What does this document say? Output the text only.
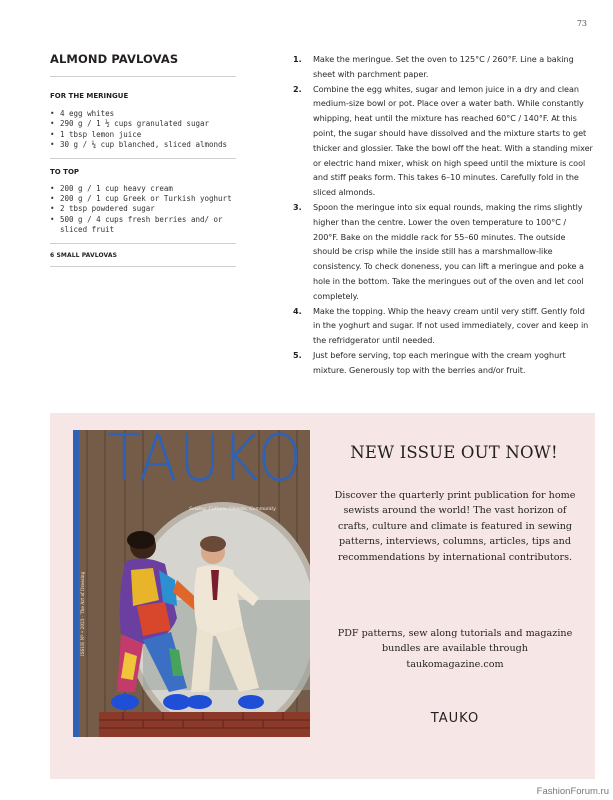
73
ALMOND PAVLOVAS
FOR THE MERINGUE
• 4 egg whites
• 290 g / 1 ½ cups granulated sugar
• 1 tbsp lemon juice
• 30 g / ¼ cup blanched, sliced almonds
TO TOP
• 200 g / 1 cup heavy cream
• 200 g / 1 cup Greek or Turkish yoghurt
• 2 tbsp powdered sugar
• 500 g / 4 cups fresh berries and/ or sliced fruit
6 SMALL PAVLOVAS
1. Make the meringue. Set the oven to 125°C / 260°F. Line a baking sheet with parchment paper.
2. Combine the egg whites, sugar and lemon juice in a dry and clean medium-size bowl or pot. Place over a water bath. While constantly whipping, heat until the mixture has reached 60°C / 140°F. At this point, the sugar should have dissolved and the mixture starts to get thicker and glossier. Take the bowl off the heat. With a standing mixer or electric hand mixer, whisk on high speed until the mixture is cool and stiff peaks form. This takes 6–10 minutes. Carefully fold in the sliced almonds.
3. Spoon the meringue into six equal rounds, making the rims slightly higher than the centre. Lower the oven temperature to 100°C / 200°F. Bake on the middle rack for 55–60 minutes. The outside should be crisp while the inside still has a marshmallow-like consistency. To check doneness, you can lift a meringue and poke a hole in the bottom. Take the meringues out of the oven and let cool completely.
4. Make the topping. Whip the heavy cream until very stiff. Gently fold in the yoghurt and sugar. If not used immediately, cover and keep in the refridgerator until needed.
5. Just before serving, top each meringue with the cream yoghurt mixture. Generously top with the berries and/or fruit.
TAUKO
Sewing, Culture, Climate, Community
ISSUE Nº • 2023 · The Art of Dressing
NEW ISSUE OUT NOW!
Discover the quarterly print publication for home sewists around the world! The vast horizon of crafts, culture and climate is featured in sewing patterns, interviews, columns, articles, tips and recommendations by international contributors.
PDF patterns, sew along tutorials and magazine bundles are available through taukomagazine.com
TAUKO
FashionForum.ru
